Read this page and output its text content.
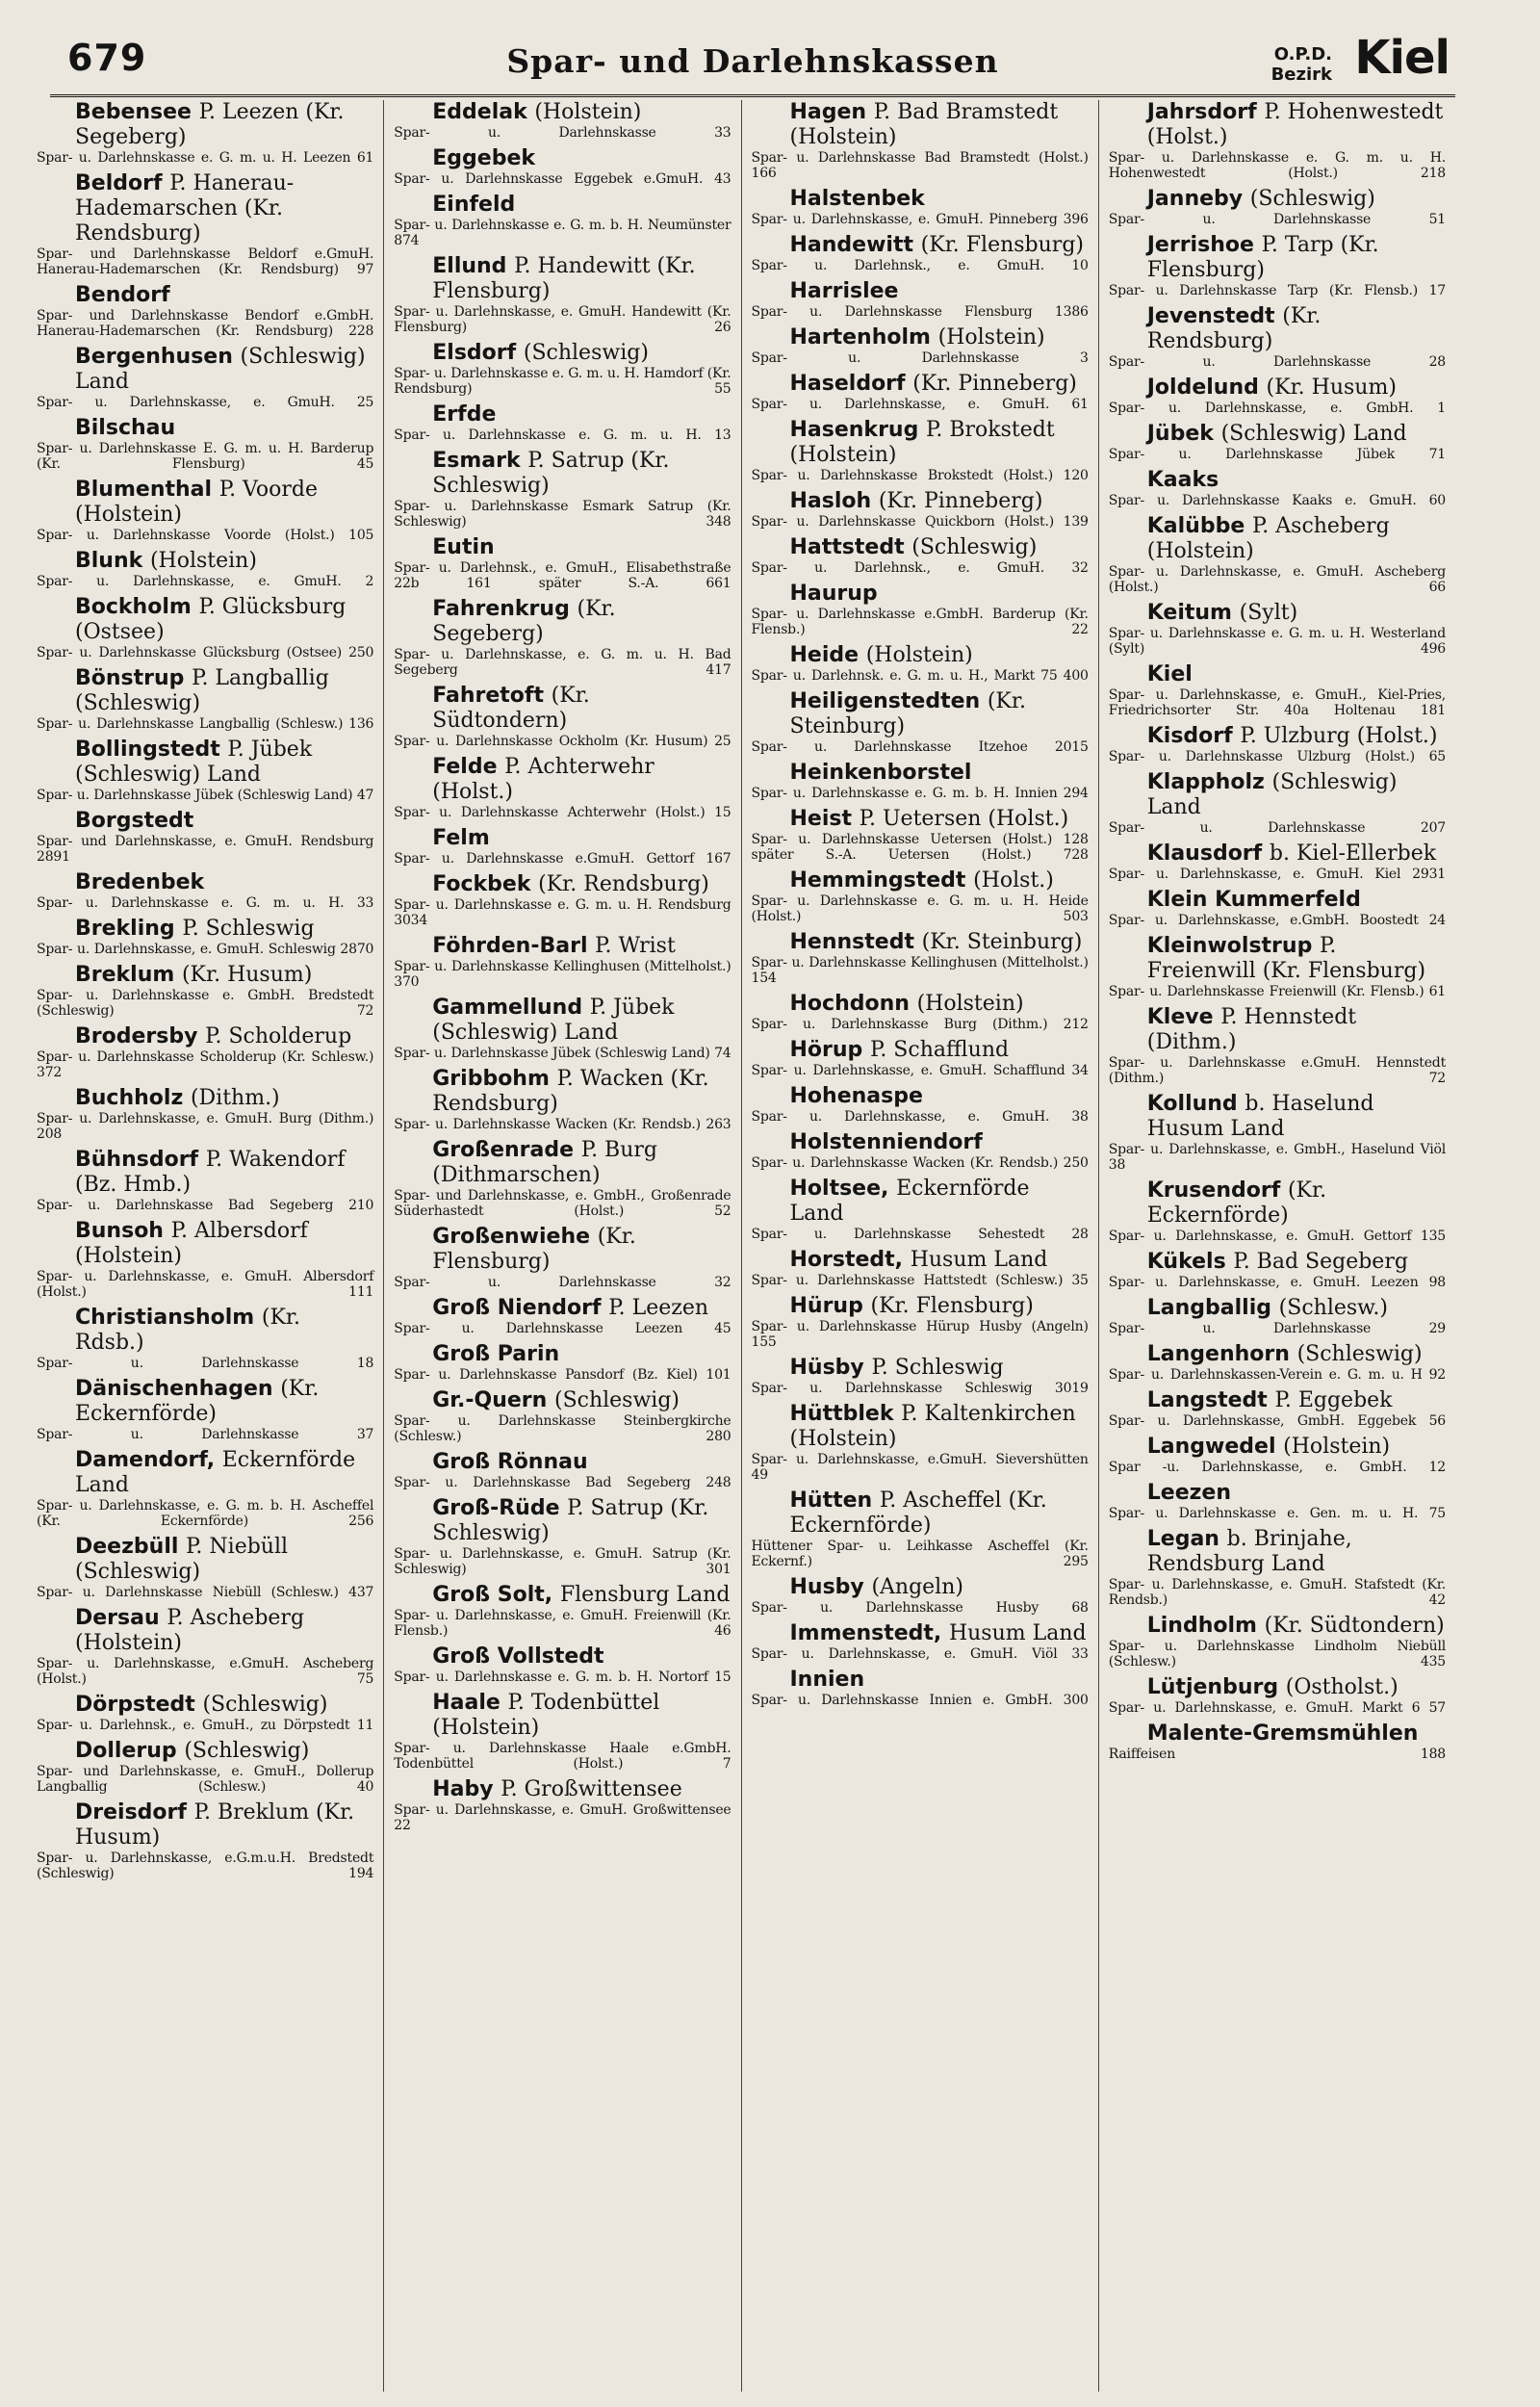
679	Spar- und Darlehnskassen	O.P.D.
Bezirk Kiel
Bebensee P. Leezen (Kr. Segeberg)
Spar- u. Darlehnskasse e. G. m. u. H. Leezen 61
Beldorf P. Hanerau-Hademarschen (Kr. Rendsburg)
Spar- und Darlehnskasse Beldorf e.GmuH. Hanerau-Hademarschen (Kr. Rendsburg) 97
Bendorf
Spar- und Darlehnskasse Bendorf e.GmbH. Hanerau-Hademarschen (Kr. Rendsburg) 228
Bergenhusen (Schleswig) Land
Spar- u. Darlehnskasse, e. GmuH. 25
Bilschau
Spar- u. Darlehnskasse E. G. m. u. H. Barderup (Kr. Flensburg) 45
Blumenthal P. Voorde (Holstein)
Spar- u. Darlehnskasse Voorde (Holst.) 105
Blunk (Holstein)
Spar- u. Darlehnskasse, e. GmuH. 2
Bockholm P. Glücksburg (Ostsee)
Spar- u. Darlehnskasse Glücksburg (Ostsee) 250
Bönstrup P. Langballig (Schleswig)
Spar- u. Darlehnskasse Langballig (Schlesw.) 136
Bollingstedt P. Jübek (Schleswig) Land
Spar- u. Darlehnskasse Jübek (Schleswig Land) 47
Borgstedt
Spar- und Darlehnskasse, e. GmuH. Rendsburg 2891
Bredenbek
Spar- u. Darlehnskasse e. G. m. u. H. 33
Brekling P. Schleswig
Spar- u. Darlehnskasse, e. GmuH. Schleswig 2870
Breklum (Kr. Husum)
Spar- u. Darlehnskasse e. GmbH. Bredstedt (Schleswig) 72
Brodersby P. Scholderup
Spar- u. Darlehnskasse Scholderup (Kr. Schlesw.) 372
Buchholz (Dithm.)
Spar- u. Darlehnskasse, e. GmuH. Burg (Dithm.) 208
Bühnsdorf P. Wakendorf (Bz. Hmb.)
Spar- u. Darlehnskasse Bad Segeberg 210
Bunsoh P. Albersdorf (Holstein)
Spar- u. Darlehnskasse, e. GmuH. Albersdorf (Holst.) 111
Christiansholm (Kr. Rdsb.)
Spar- u. Darlehnskasse 18
Dänischenhagen (Kr. Eckernförde)
Spar- u. Darlehnskasse 37
Damendorf, Eckernförde Land
Spar- u. Darlehnskasse, e. G. m. b. H. Ascheffel (Kr. Eckernförde) 256
Deezbüll P. Niebüll (Schleswig)
Spar- u. Darlehnskasse Niebüll (Schlesw.) 437
Dersau P. Ascheberg (Holstein)
Spar- u. Darlehnskasse, e.GmuH. Ascheberg (Holst.) 75
Dörpstedt (Schleswig)
Spar- u. Darlehnsk., e. GmuH., zu Dörpstedt 11
Dollerup (Schleswig)
Spar- und Darlehnskasse, e. GmuH., Dollerup Langballig (Schlesw.) 40
Dreisdorf P. Breklum (Kr. Husum)
Spar- u. Darlehnskasse, e.G.m.u.H. Bredstedt (Schleswig) 194
Eddelak (Holstein)
Spar- u. Darlehnskasse 33
Eggebek
Spar- u. Darlehnskasse Eggebek e.GmuH. 43
Einfeld
Spar- u. Darlehnskasse e. G. m. b. H. Neumünster 874
Ellund P. Handewitt (Kr. Flensburg)
Spar- u. Darlehnskasse, e. GmuH. Handewitt (Kr. Flensburg) 26
Elsdorf (Schleswig)
Spar- u. Darlehnskasse e. G. m. u. H. Hamdorf (Kr. Rendsburg) 55
Erfde
Spar- u. Darlehnskasse e. G. m. u. H. 13
Esmark P. Satrup (Kr. Schleswig)
Spar- u. Darlehnskasse Esmark Satrup (Kr. Schleswig) 348
Eutin
Spar- u. Darlehnsk., e. GmuH., Elisabethstraße 22b 161 später S.-A. 661
Fahrenkrug (Kr. Segeberg)
Spar- u. Darlehnskasse, e. G. m. u. H. Bad Segeberg 417
Fahretoft (Kr. Südtondern)
Spar- u. Darlehnskasse Ockholm (Kr. Husum) 25
Felde P. Achterwehr (Holst.)
Spar- u. Darlehnskasse Achterwehr (Holst.) 15
Felm
Spar- u. Darlehnskasse e.GmuH. Gettorf 167
Fockbek (Kr. Rendsburg)
Spar- u. Darlehnskasse e. G. m. u. H. Rendsburg 3034
Föhrden-Barl P. Wrist
Spar- u. Darlehnskasse Kellinghusen (Mittelholst.) 370
Gammellund P. Jübek (Schleswig) Land
Spar- u. Darlehnskasse Jübek (Schleswig Land) 74
Gribbohm P. Wacken (Kr. Rendsburg)
Spar- u. Darlehnskasse Wacken (Kr. Rendsb.) 263
Großenrade P. Burg (Dithmarschen)
Spar- und Darlehnskasse, e. GmbH., Großenrade Süderhastedt (Holst.) 52
Großenwiehe (Kr. Flensburg)
Spar- u. Darlehnskasse 32
Groß Niendorf P. Leezen
Spar- u. Darlehnskasse Leezen 45
Groß Parin
Spar- u. Darlehnskasse Pansdorf (Bz. Kiel) 101
Gr.-Quern (Schleswig)
Spar- u. Darlehnskasse Steinbergkirche (Schlesw.) 280
Groß Rönnau
Spar- u. Darlehnskasse Bad Segeberg 248
Groß-Rüde P. Satrup (Kr. Schleswig)
Spar- u. Darlehnskasse, e. GmuH. Satrup (Kr. Schleswig) 301
Groß Solt, Flensburg Land
Spar- u. Darlehnskasse, e. GmuH. Freienwill (Kr. Flensb.) 46
Groß Vollstedt
Spar- u. Darlehnskasse e. G. m. b. H. Nortorf 15
Haale P. Todenbüttel (Holstein)
Spar- u. Darlehnskasse Haale e.GmbH. Todenbüttel (Holst.) 7
Haby P. Großwittensee
Spar- u. Darlehnskasse, e. GmuH. Großwittensee 22
Hagen P. Bad Bramstedt (Holstein)
Spar- u. Darlehnskasse Bad Bramstedt (Holst.) 166
Halstenbek
Spar- u. Darlehnskasse, e. GmuH. Pinneberg 396
Handewitt (Kr. Flensburg)
Spar- u. Darlehnsk., e. GmuH. 10
Harrislee
Spar- u. Darlehnskasse Flensburg 1386
Hartenholm (Holstein)
Spar- u. Darlehnskasse 3
Haseldorf (Kr. Pinneberg)
Spar- u. Darlehnskasse, e. GmuH. 61
Hasenkrug P. Brokstedt (Holstein)
Spar- u. Darlehnskasse Brokstedt (Holst.) 120
Hasloh (Kr. Pinneberg)
Spar- u. Darlehnskasse Quickborn (Holst.) 139
Hattstedt (Schleswig)
Spar- u. Darlehnsk., e. GmuH. 32
Haurup
Spar- u. Darlehnskasse e.GmbH. Barderup (Kr. Flensb.) 22
Heide (Holstein)
Spar- u. Darlehnsk. e. G. m. u. H., Markt 75 400
Heiligenstedten (Kr. Steinburg)
Spar- u. Darlehnskasse Itzehoe 2015
Heinkenborstel
Spar- u. Darlehnskasse e. G. m. b. H. Innien 294
Heist P. Uetersen (Holst.)
Spar- u. Darlehnskasse Uetersen (Holst.) 128 später S.-A. Uetersen (Holst.) 728
Hemmingstedt (Holst.)
Spar- u. Darlehnskasse e. G. m. u. H. Heide (Holst.) 503
Hennstedt (Kr. Steinburg)
Spar- u. Darlehnskasse Kellinghusen (Mittelholst.) 154
Hochdonn (Holstein)
Spar- u. Darlehnskasse Burg (Dithm.) 212
Hörup P. Schafflund
Spar- u. Darlehnskasse, e. GmuH. Schafflund 34
Hohenaspe
Spar- u. Darlehnskasse, e. GmuH. 38
Holstenniendorf
Spar- u. Darlehnskasse Wacken (Kr. Rendsb.) 250
Holtsee, Eckernförde Land
Spar- u. Darlehnskasse Sehestedt 28
Horstedt, Husum Land
Spar- u. Darlehnskasse Hattstedt (Schlesw.) 35
Hürup (Kr. Flensburg)
Spar- u. Darlehnskasse Hürup Husby (Angeln) 155
Hüsby P. Schleswig
Spar- u. Darlehnskasse Schleswig 3019
Hüttblek P. Kaltenkirchen (Holstein)
Spar- u. Darlehnskasse, e.GmuH. Sievershütten 49
Hütten P. Ascheffel (Kr. Eckernförde)
Hüttener Spar- u. Leihkasse Ascheffel (Kr. Eckernf.) 295
Husby (Angeln)
Spar- u. Darlehnskasse Husby 68
Immenstedt, Husum Land
Spar- u. Darlehnskasse, e. GmuH. Viöl 33
Innien
Spar- u. Darlehnskasse Innien e. GmbH. 300
Jahrsdorf P. Hohenwestedt (Holst.)
Spar- u. Darlehnskasse e. G. m. u. H. Hohenwestedt (Holst.) 218
Janneby (Schleswig)
Spar- u. Darlehnskasse 51
Jerrishoe P. Tarp (Kr. Flensburg)
Spar- u. Darlehnskasse Tarp (Kr. Flensb.) 17
Jevenstedt (Kr. Rendsburg)
Spar- u. Darlehnskasse 28
Joldelund (Kr. Husum)
Spar- u. Darlehnskasse, e. GmbH. 1
Jübek (Schleswig) Land
Spar- u. Darlehnskasse Jübek 71
Kaaks
Spar- u. Darlehnskasse Kaaks e. GmuH. 60
Kalübbe P. Ascheberg (Holstein)
Spar- u. Darlehnskasse, e. GmuH. Ascheberg (Holst.) 66
Keitum (Sylt)
Spar- u. Darlehnskasse e. G. m. u. H. Westerland (Sylt) 496
Kiel
Spar- u. Darlehnskasse, e. GmuH., Kiel-Pries, Friedrichsorter Str. 40a Holtenau 181
Kisdorf P. Ulzburg (Holst.)
Spar- u. Darlehnskasse Ulzburg (Holst.) 65
Klappholz (Schleswig) Land
Spar- u. Darlehnskasse 207
Klausdorf b. Kiel-Ellerbek
Spar- u. Darlehnskasse, e. GmuH. Kiel 2931
Klein Kummerfeld
Spar- u. Darlehnskasse, e.GmbH. Boostedt 24
Kleinwolstrup P. Freienwill (Kr. Flensburg)
Spar- u. Darlehnskasse Freienwill (Kr. Flensb.) 61
Kleve P. Hennstedt (Dithm.)
Spar- u. Darlehnskasse e.GmuH. Hennstedt (Dithm.) 72
Kollund b. Haselund Husum Land
Spar- u. Darlehnskasse, e. GmbH., Haselund Viöl 38
Krusendorf (Kr. Eckernförde)
Spar- u. Darlehnskasse, e. GmuH. Gettorf 135
Kükels P. Bad Segeberg
Spar- u. Darlehnskasse, e. GmuH. Leezen 98
Langballig (Schlesw.)
Spar- u. Darlehnskasse 29
Langenhorn (Schleswig)
Spar- u. Darlehnskassen-Verein e. G. m. u. H 92
Langstedt P. Eggebek
Spar- u. Darlehnskasse, GmbH. Eggebek 56
Langwedel (Holstein)
Spar -u. Darlehnskasse, e. GmbH. 12
Leezen
Spar- u. Darlehnskasse e. Gen. m. u. H. 75
Legan b. Brinjahe, Rendsburg Land
Spar- u. Darlehnskasse, e. GmuH. Stafstedt (Kr. Rendsb.) 42
Lindholm (Kr. Südtondern)
Spar- u. Darlehnskasse Lindholm Niebüll (Schlesw.) 435
Lütjenburg (Ostholst.)
Spar- u. Darlehnskasse, e. GmuH. Markt 6 57
Malente-Gremsmühlen
Raiffeisen 188
